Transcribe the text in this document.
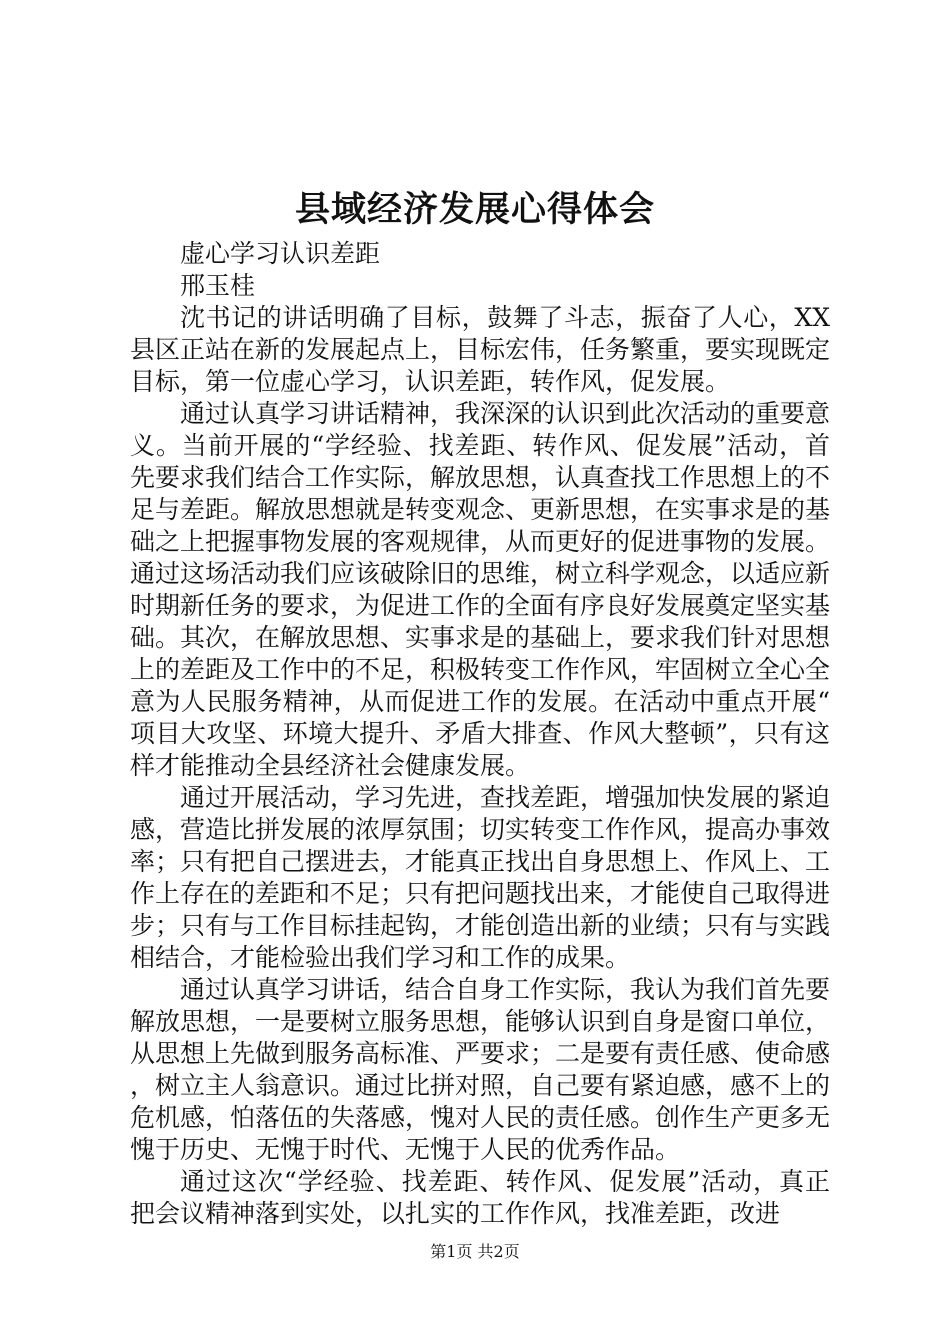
县域经济发展心得体会

虚心学习认识差距

邢玉桂

沈书记的讲话明确了目标，鼓舞了斗志，振奋了人心，XX县区正站在新的发展起点上，目标宏伟，任务繁重，要实现既定目标，第一位虚心学习，认识差距，转作风，促发展。

通过认真学习讲话精神，我深深的认识到此次活动的重要意义。当前开展的“学经验、找差距、转作风、促发展”活动，首先要求我们结合工作实际，解放思想，认真查找工作思想上的不足与差距。解放思想就是转变观念、更新思想，在实事求是的基础之上把握事物发展的客观规律，从而更好的促进事物的发展。通过这场活动我们应该破除旧的思维，树立科学观念，以适应新时期新任务的要求，为促进工作的全面有序良好发展奠定坚实基础。其次，在解放思想、实事求是的基础上，要求我们针对思想上的差距及工作中的不足，积极转变工作作风，牢固树立全心全意为人民服务精神，从而促进工作的发展。在活动中重点开展“项目大攻坚、环境大提升、矛盾大排查、作风大整顿”，只有这样才能推动全县经济社会健康发展。

通过开展活动，学习先进，查找差距，增强加快发展的紧迫感，营造比拼发展的浓厚氛围；切实转变工作作风，提高办事效率；只有把自己摆进去，才能真正找出自身思想上、作风上、工作上存在的差距和不足；只有把问题找出来，才能使自己取得进步；只有与工作目标挂起钩，才能创造出新的业绩；只有与实践相结合，才能检验出我们学习和工作的成果。

通过认真学习讲话，结合自身工作实际，我认为我们首先要解放思想，一是要树立服务思想，能够认识到自身是窗口单位，从思想上先做到服务高标准、严要求；二是要有责任感、使命感，树立主人翁意识。通过比拼对照，自己要有紧迫感，感不上的危机感，怕落伍的失落感，愧对人民的责任感。创作生产更多无愧于历史、无愧于时代、无愧于人民的优秀作品。

通过这次“学经验、找差距、转作风、促发展”活动，真正把会议精神落到实处，以扎实的工作作风，找准差距，改进

第1页 共2页
